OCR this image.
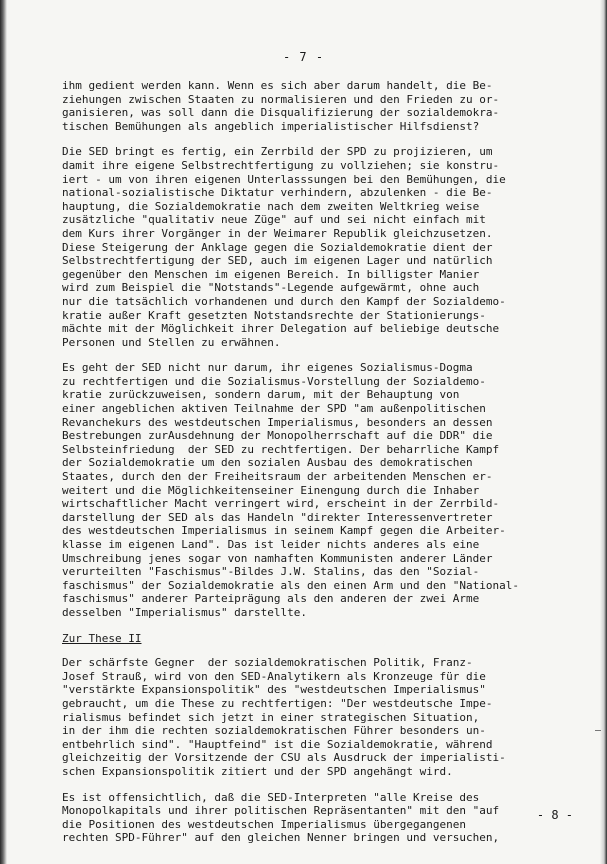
- 7 -
ihm gedient werden kann. Wenn es sich aber darum handelt, die Be-
ziehungen zwischen Staaten zu normalisieren und den Frieden zu or-
ganisieren, was soll dann die Disqualifizierung der sozialdemokra-
tischen Bemühungen als angeblich imperialistischer Hilfsdienst?
Die SED bringt es fertig, ein Zerrbild der SPD zu projizieren, um
damit ihre eigene Selbstrechtfertigung zu vollziehen; sie konstru-
iert - um von ihren eigenen Unterlasssungen bei den Bemühungen, die
national-sozialistische Diktatur verhindern, abzulenken - die Be-
hauptung, die Sozialdemokratie nach dem zweiten Weltkrieg weise
zusätzliche "qualitativ neue Züge" auf und sei nicht einfach mit
dem Kurs ihrer Vorgänger in der Weimarer Republik gleichzusetzen.
Diese Steigerung der Anklage gegen die Sozialdemokratie dient der
Selbstrechtfertigung der SED, auch im eigenen Lager und natürlich
gegenüber den Menschen im eigenen Bereich. In billigster Manier
wird zum Beispiel die "Notstands"-Legende aufgewärmt, ohne auch
nur die tatsächlich vorhandenen und durch den Kampf der Sozialdemo-
kratie außer Kraft gesetzten Notstandsrechte der Stationierungs-
mächte mit der Möglichkeit ihrer Delegation auf beliebige deutsche
Personen und Stellen zu erwähnen.
Es geht der SED nicht nur darum, ihr eigenes Sozialismus-Dogma
zu rechtfertigen und die Sozialismus-Vorstellung der Sozialdemo-
kratie zurückzuweisen, sondern darum, mit der Behauptung von
einer angeblichen aktiven Teilnahme der SPD "am außenpolitischen
Revanchekurs des westdeutschen Imperialismus, besonders an dessen
Bestrebungen zurAusdehnung der Monopolherrschaft auf die DDR" die
Selbsteinfriedung  der SED zu rechtfertigen. Der beharrliche Kampf
der Sozialdemokratie um den sozialen Ausbau des demokratischen
Staates, durch den der Freiheitsraum der arbeitenden Menschen er-
weitert und die Möglichkeitenseiner Einengung durch die Inhaber
wirtschaftlicher Macht verringert wird, erscheint in der Zerrbild-
darstellung der SED als das Handeln "direkter Interessenvertreter
des westdeutschen Imperialismus in seinem Kampf gegen die Arbeiter-
klasse im eigenen Land". Das ist leider nichts anderes als eine
Umschreibung jenes sogar von namhaften Kommunisten anderer Länder
verurteilten "Faschismus"-Bildes J.W. Stalins, das den "Sozial-
faschismus" der Sozialdemokratie als den einen Arm und den "National-
faschismus" anderer Parteiprägung als den anderen der zwei Arme
desselben "Imperialismus" darstellte.
Zur These II
Der schärfste Gegner  der sozialdemokratischen Politik, Franz-
Josef Strauß, wird von den SED-Analytikern als Kronzeuge für die
"verstärkte Expansionspolitik" des "westdeutschen Imperialismus"
gebraucht, um die These zu rechtfertigen: "Der westdeutsche Impe-
rialismus befindet sich jetzt in einer strategischen Situation,
in der ihm die rechten sozialdemokratischen Führer besonders un-
entbehrlich sind". "Hauptfeind" ist die Sozialdemokratie, während
gleichzeitig der Vorsitzende der CSU als Ausdruck der imperialisti-
schen Expansionspolitik zitiert und der SPD angehängt wird.
Es ist offensichtlich, daß die SED-Interpreten "alle Kreise des
Monopolkapitals und ihrer politischen Repräsentanten" mit den "auf
die Positionen des westdeutschen Imperialismus übergegangenen
rechten SPD-Führer" auf den gleichen Nenner bringen und versuchen,
- 8 -
